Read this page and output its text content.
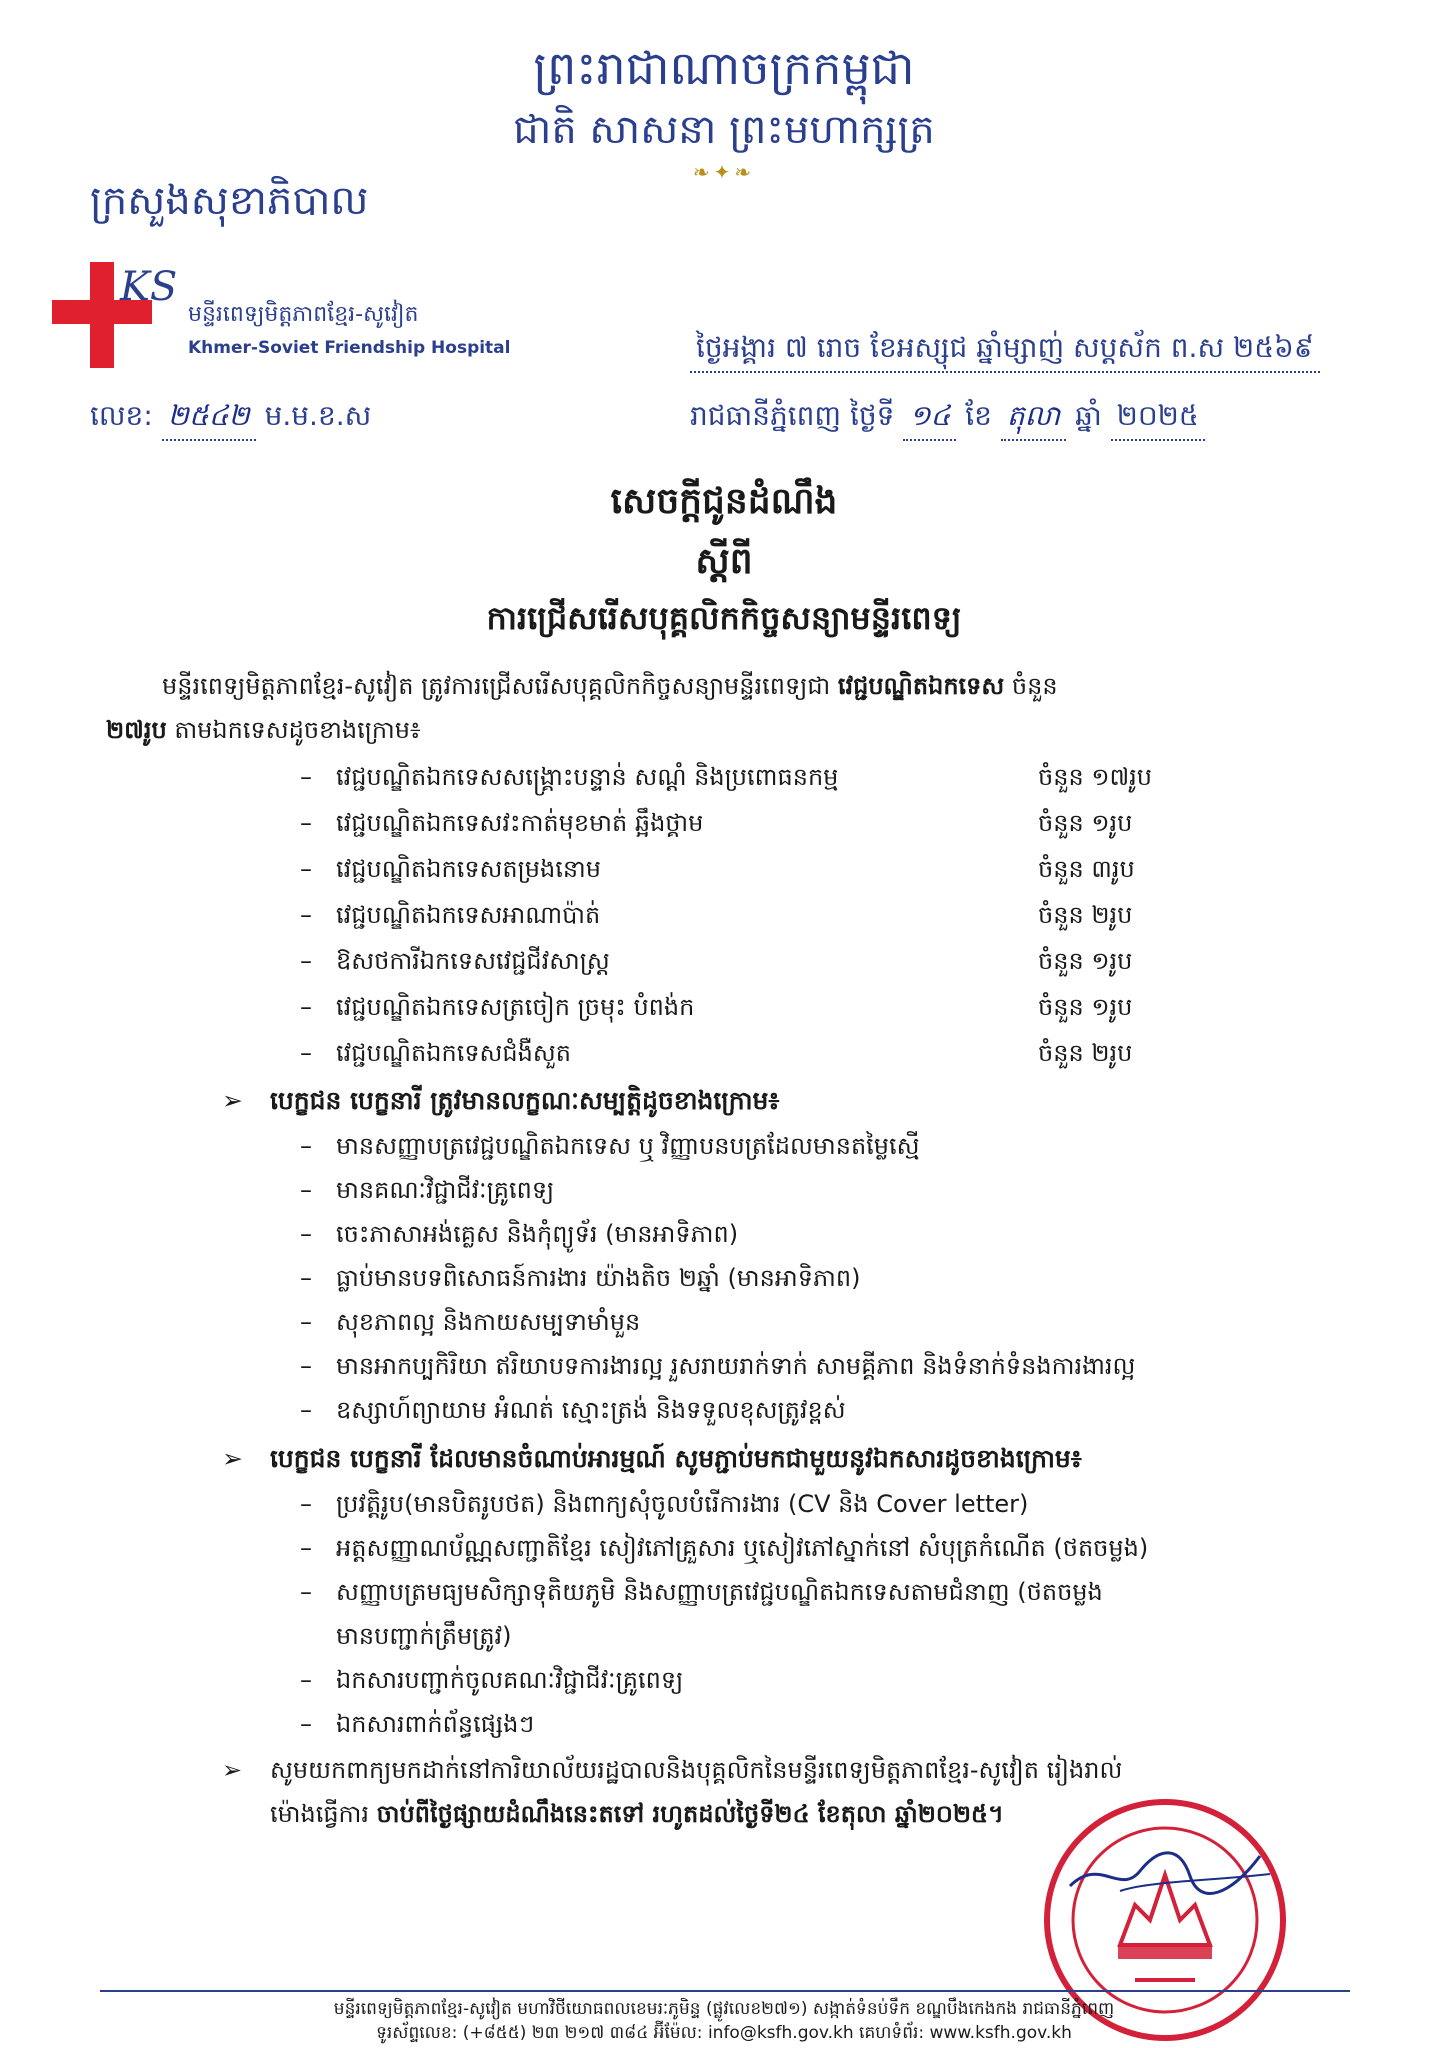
ព្រះរាជាណាចក្រកម្ពុជា
ជាតិ សាសនា ព្រះមហាក្សត្រ
❧✦❧
ក្រសួងសុខាភិបាល
KS
មន្ទីរពេទ្យមិត្តភាពខ្មែរ-សូវៀត
Khmer-Soviet Friendship Hospital
លេខ: ២៥៤២ ម.ម.ខ.ស
ថ្ងៃអង្គារ ៧ រោច ខែអស្សុជ ឆ្នាំម្សាញ់ សប្តស័ក ព.ស ២៥៦៩
រាជធានីភ្នំពេញ ថ្ងៃទី ១៤ ខែ តុលា ឆ្នាំ ២០២៥
សេចក្តីជូនដំណឹង
ស្តីពី
ការជ្រើសរើសបុគ្គលិកកិច្ចសន្យាមន្ទីរពេទ្យ
មន្ទីរពេទ្យមិត្តភាពខ្មែរ-សូវៀត ត្រូវការជ្រើសរើសបុគ្គលិកកិច្ចសន្យាមន្ទីរពេទ្យជា វេជ្ជបណ្ឌិតឯកទេស ចំនួន
២៧រូប តាមឯកទេសដូចខាងក្រោម៖
– វេជ្ជបណ្ឌិតឯកទេសសង្គ្រោះបន្ទាន់ សណ្តំ និងប្រពោធនកម្ម	ចំនួន ១៧រូប
– វេជ្ជបណ្ឌិតឯកទេសវះកាត់មុខមាត់ ឆ្អឹងថ្គាម	ចំនួន ១រូប
– វេជ្ជបណ្ឌិតឯកទេសតម្រងនោម	ចំនួន ៣រូប
– វេជ្ជបណ្ឌិតឯកទេសអាណាប៉ាត់	ចំនួន ២រូប
– ឱសថការីឯកទេសវេជ្ជជីវសាស្ត្រ	ចំនួន ១រូប
– វេជ្ជបណ្ឌិតឯកទេសត្រចៀក ច្រមុះ បំពង់ក	ចំនួន ១រូប
– វេជ្ជបណ្ឌិតឯកទេសជំងឺសួត	ចំនួន ២រូប
➢ បេក្ខជន បេក្ខនារី ត្រូវមានលក្ខណៈសម្បត្តិដូចខាងក្រោម៖
– មានសញ្ញាបត្រវេជ្ជបណ្ឌិតឯកទេស ឬ វិញ្ញាបនបត្រដែលមានតម្លៃស្មើ
– មានគណៈវិជ្ជាជីវៈគ្រូពេទ្យ
– ចេះភាសាអង់គ្លេស និងកុំព្យូទ័រ (មានអាទិភាព)
– ធ្លាប់មានបទពិសោធន៍ការងារ យ៉ាងតិច ២ឆ្នាំ (មានអាទិភាព)
– សុខភាពល្អ និងកាយសម្បទាមាំមួន
– មានអាកប្បកិរិយា ឥរិយាបទការងារល្អ រួសរាយរាក់ទាក់ សាមគ្គីភាព និងទំនាក់ទំនងការងារល្អ
– ឧស្សាហ៍ព្យាយាម អំណត់ ស្មោះត្រង់ និងទទួលខុសត្រូវខ្ពស់
➢ បេក្ខជន បេក្ខនារី ដែលមានចំណាប់អារម្មណ៍ សូមភ្ជាប់មកជាមួយនូវឯកសារដូចខាងក្រោម៖
– ប្រវត្តិរូប(មានបិតរូបថត) និងពាក្យសុំចូលបំរើការងារ (CV និង Cover letter)
– អត្តសញ្ញាណប័ណ្ណសញ្ជាតិខ្មែរ សៀវភៅគ្រួសារ ឬសៀវភៅស្នាក់នៅ សំបុត្រកំណើត (ថតចម្លង)
– សញ្ញាបត្រមធ្យមសិក្សាទុតិយភូមិ និងសញ្ញាបត្រវេជ្ជបណ្ឌិតឯកទេសតាមជំនាញ (ថតចម្លង
មានបញ្ជាក់ត្រឹមត្រូវ)
– ឯកសារបញ្ជាក់ចូលគណៈវិជ្ជាជីវៈគ្រូពេទ្យ
– ឯកសារពាក់ព័ន្ធផ្សេងៗ
➢ សូមយកពាក្យមកដាក់នៅការិយាល័យរដ្ឋបាលនិងបុគ្គលិកនៃមន្ទីរពេទ្យមិត្តភាពខ្មែរ-សូវៀត រៀងរាល់
ម៉ោងធ្វើការ ចាប់ពីថ្ងៃផ្សាយដំណឹងនេះតទៅ រហូតដល់ថ្ងៃទី២៤ ខែតុលា ឆ្នាំ២០២៥។
មន្ទីរពេទ្យមិត្តភាពខ្មែរ-សូវៀត មហាវិថីយោធពលខេមរៈភូមិន្ទ (ផ្លូវលេខ២៧១) សង្កាត់ទំនប់ទឹក ខណ្ឌបឹងកេងកង រាជធានីភ្នំពេញ
ទូរស័ព្ទលេខ: (+៨៥៥) ២៣ ២១៧ ៣៨៤ អ៊ីម៉ែល: info@ksfh.gov.kh គេហទំព័រ: www.ksfh.gov.kh
